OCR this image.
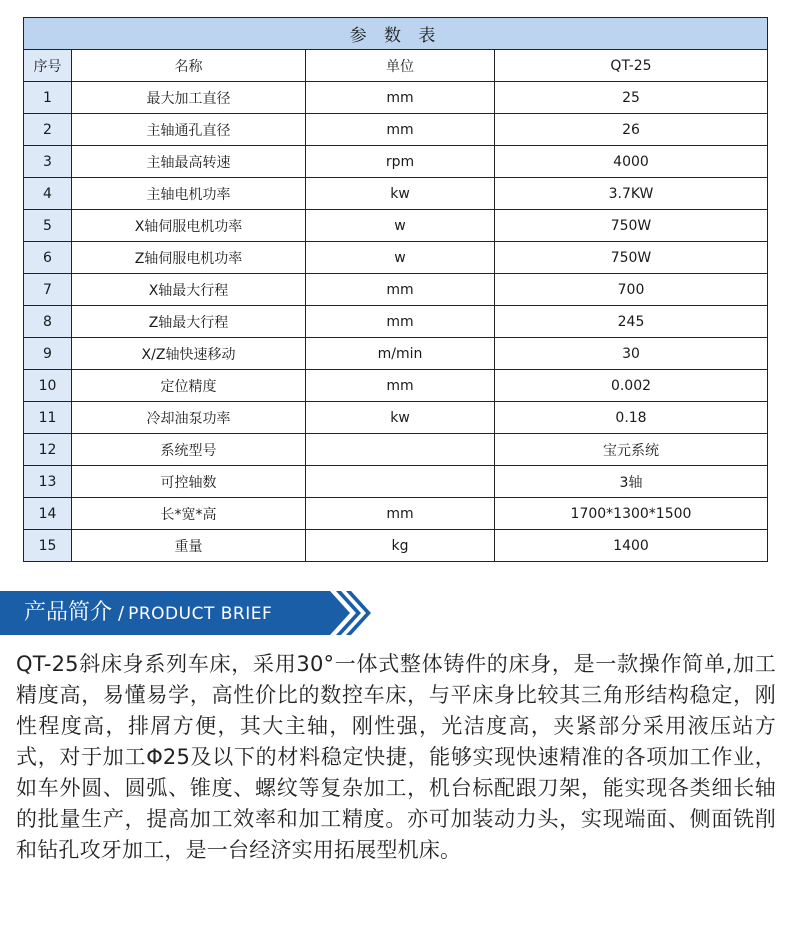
参 数 表			
序号	名称	单位	QT-25
1	最大加工直径	mm	25
2	主轴通孔直径	mm	26
3	主轴最高转速	rpm	4000
4	主轴电机功率	kw	3.7KW
5	X轴伺服电机功率	w	750W
6	Z轴伺服电机功率	w	750W
7	X轴最大行程	mm	700
8	Z轴最大行程	mm	245
9	X/Z轴快速移动	m/min	30
10	定位精度	mm	0.002
11	冷却油泵功率	kw	0.18
12	系统型号		宝元系统
13	可控轴数		3轴
14	长*宽*高	mm	1700*1300*1500
15	重量	kg	1400
产品简介 / PRODUCT BRIEF

QT-25斜床身系列车床，采用30°一体式整体铸件的床身，是一款操作简单,加工精度高，易懂易学，高性价比的数控车床，与平床身比较其三角形结构稳定，刚性程度高，排屑方便，其大主轴，刚性强，光洁度高，夹紧部分采用液压站方式，对于加工Φ25及以下的材料稳定快捷，能够实现快速精准的各项加工作业，如车外圆、圆弧、锥度、螺纹等复杂加工，机台标配跟刀架，能实现各类细长轴的批量生产，提高加工效率和加工精度。亦可加装动力头，实现端面、侧面铣削和钻孔攻牙加工，是一台经济实用拓展型机床。
